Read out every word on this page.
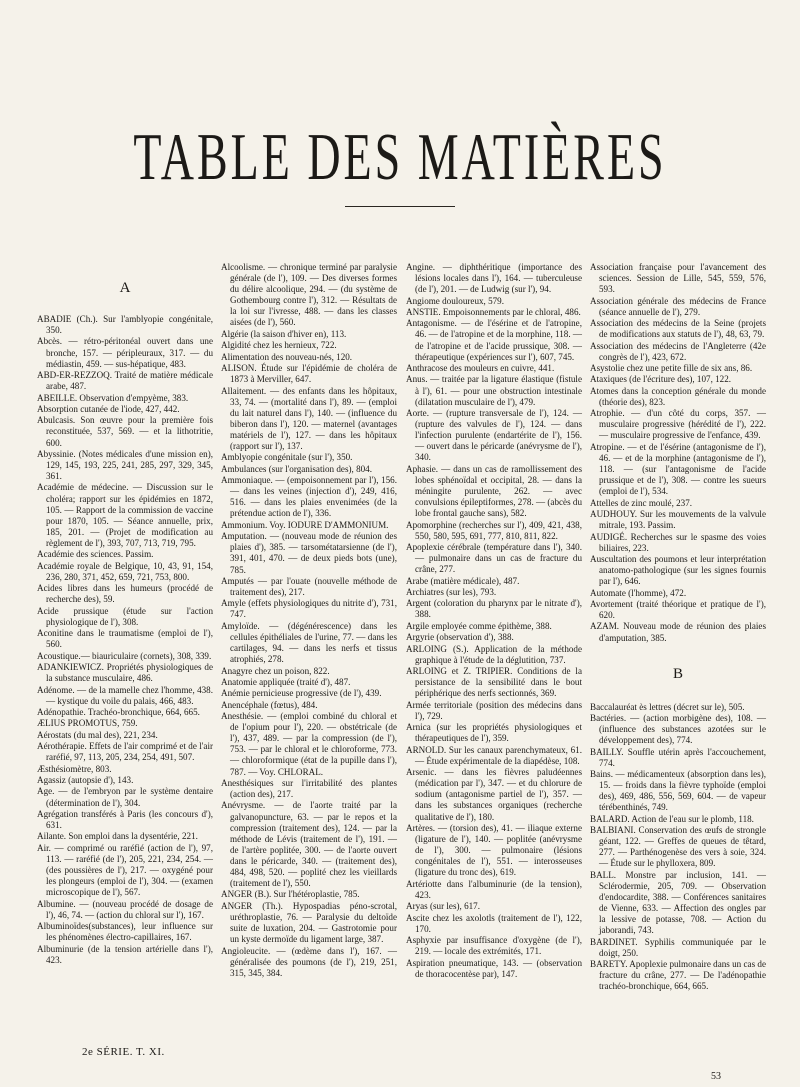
TABLE DES MATIÈRES
A

ABADIE (Ch.). Sur l'amblyopie congénitale, 350.

Abcès. — rétro-péritonéal ouvert dans une bronche, 157. — péripleuraux, 317. — du médiastin, 459. — sus-hépatique, 483.

ABD-ER-REZZOQ. Traité de matière médicale arabe, 487.

ABEILLE. Observation d'empyème, 383.

Absorption cutanée de l'iode, 427, 442.

Abulcasis. Son œuvre pour la première fois reconstituée, 537, 569. — et la lithotritie, 600.

Abyssinie. (Notes médicales d'une mission en), 129, 145, 193, 225, 241, 285, 297, 329, 345, 361.

Académie de médecine. — Discussion sur le choléra; rapport sur les épidémies en 1872, 105. — Rapport de la commission de vaccine pour 1870, 105. — Séance annuelle, prix, 185, 201. — (Projet de modification au règlement de l'), 393, 707, 713, 719, 795.

Académie des sciences. Passim.

Académie royale de Belgique, 10, 43, 91, 154, 236, 280, 371, 452, 659, 721, 753, 800.

Acides libres dans les humeurs (procédé de recherche des), 59.

Acide prussique (étude sur l'action physiologique de l'), 308.

Aconitine dans le traumatisme (emploi de l'), 560.

Acoustique.— biauriculaire (cornets), 308, 339.

ADANKIEWICZ. Propriétés physiologiques de la substance musculaire, 486.

Adénome. — de la mamelle chez l'homme, 438. — kystique du voile du palais, 466, 483.

Adénopathie. Trachéo-bronchique, 664, 665.

ÆLIUS PROMOTUS, 759.

Aérostats (du mal des), 221, 234.

Aérothérapie. Effets de l'air comprimé et de l'air raréfié, 97, 113, 205, 234, 254, 491, 507.

Æsthésiomètre, 803.

Agassiz (autopsie d'), 143.

Age. — de l'embryon par le système dentaire (détermination de l'), 304.

Agrégation transférés à Paris (les concours d'), 631.

Ailante. Son emploi dans la dysentérie, 221.

Air. — comprimé ou raréfié (action de l'), 97, 113. — raréfié (de l'), 205, 221, 234, 254. — (des poussières de l'), 217. — oxygéné pour les plongeurs (emploi de l'), 304. — (examen microscopique de l'), 567.

Albumine. — (nouveau procédé de dosage de l'), 46, 74. — (action du chloral sur l'), 167.

Albuminoïdes(substances), leur influence sur les phénomènes électro-capillaires, 167.

Albuminurie (de la tension artérielle dans l'), 423.

Alcoolisme. — chronique terminé par paralysie générale (de l'), 109. — Des diverses formes du délire alcoolique, 294. — (du système de Gothembourg contre l'), 312. — Résultats de la loi sur l'ivresse, 488. — dans les classes aisées (de l'), 560.

Algérie (la saison d'hiver en), 113.

Algidité chez les hernieux, 722.

Alimentation des nouveau-nés, 120.

ALISON. Étude sur l'épidémie de choléra de 1873 à Merviller, 647.

Allaitement. — des enfants dans les hôpitaux, 33, 74. — (mortalité dans l'), 89. — (emploi du lait naturel dans l'), 140. — (influence du biberon dans l'), 120. — maternel (avantages matériels de l'), 127. — dans les hôpitaux (rapport sur l'), 137.

Amblyopie congénitale (sur l'), 350.

Ambulances (sur l'organisation des), 804.

Ammoniaque. — (empoisonnement par l'), 156. — dans les veines (injection d'), 249, 416, 516. — dans les plaies envenimées (de la prétendue action de l'), 336.

Ammonium. Voy. IODURE D'AMMONIUM.

Amputation. — (nouveau mode de réunion des plaies d'), 385. — tarsométatarsienne (de l'), 391, 401, 470. — de deux pieds bots (une), 785.

Amputés — par l'ouate (nouvelle méthode de traitement des), 217.

Amyle (effets physiologiques du nitrite d'), 731, 747.

Amyloïde. — (dégénérescence) dans les cellules épithéliales de l'urine, 77. — dans les cartilages, 94. — dans les nerfs et tissus atrophiés, 278.

Anagyre chez un poison, 822.

Anatomie appliquée (traité d'), 487.

Anémie pernicieuse progressive (de l'), 439.

Anencéphale (fœtus), 484.

Anesthésie. — (emploi combiné du chloral et de l'opium pour l'), 220. — obstétricale (de l'), 437, 489. — par la compression (de l'), 753. — par le chloral et le chloroforme, 773. — chloroformique (état de la pupille dans l'), 787. — Voy. CHLORAL.

Anesthésiques sur l'irritabilité des plantes (action des), 217.

Anévrysme. — de l'aorte traité par la galvanopuncture, 63. — par le repos et la compression (traitement des), 124. — par la méthode de Lévis (traitement de l'), 191. — de l'artère poplitée, 300. — de l'aorte ouvert dans le péricarde, 340. — (traitement des), 484, 498, 520. — poplité chez les vieillards (traitement de l'), 550.

ANGER (B.). Sur l'hétéroplastie, 785.

ANGER (Th.). Hypospadias péno-scrotal, uréthroplastie, 76. — Paralysie du deltoïde suite de luxation, 204. — Gastrotomie pour un kyste dermoïde du ligament large, 387.

Angioleucite. — (œdème dans l'), 167. — généralisée des poumons (de l'), 219, 251, 315, 345, 384.

Angine. — diphthéritique (importance des lésions locales dans l'), 164. — tuberculeuse (de l'), 201. — de Ludwig (sur l'), 94.

Angiome douloureux, 579.

ANSTIE. Empoisonnements par le chloral, 486.

Antagonisme. — de l'ésérine et de l'atropine, 46. — de l'atropine et de la morphine, 118. — de l'atropine et de l'acide prussique, 308. — thérapeutique (expériences sur l'), 607, 745.

Anthracose des mouleurs en cuivre, 441.

Anus. — traitée par la ligature élastique (fistule à l'), 61. — pour une obstruction intestinale (dilatation musculaire de l'), 479.

Aorte. — (rupture transversale de l'), 124. — (rupture des valvules de l'), 124. — dans l'infection purulente (endartérite de l'), 156. — ouvert dans le péricarde (anévrysme de l'), 340.

Aphasie. — dans un cas de ramollissement des lobes sphénoïdal et occipital, 28. — dans la méningite purulente, 262. — avec convulsions épileptiformes, 278. — (abcès du lobe frontal gauche sans), 582.

Apomorphine (recherches sur l'), 409, 421, 438, 550, 580, 595, 691, 777, 810, 811, 822.

Apoplexie cérébrale (température dans l'), 340. — pulmonaire dans un cas de fracture du crâne, 277.

Arabe (matière médicale), 487.

Archiatres (sur les), 793.

Argent (coloration du pharynx par le nitrate d'), 388.

Argile employée comme épithème, 388.

Argyrie (observation d'), 388.

ARLOING (S.). Application de la méthode graphique à l'étude de la déglutition, 737.

ARLOING et Z. TRIPIER. Conditions de la persistance de la sensibilité dans le bout périphérique des nerfs sectionnés, 369.

Armée territoriale (position des médecins dans l'), 729.

Arnica (sur les propriétés physiologiques et thérapeutiques de l'), 359.

ARNOLD. Sur les canaux parenchymateux, 61. — Étude expérimentale de la diapédèse, 108.

Arsenic. — dans les fièvres paludéennes (médication par l'), 347. — et du chlorure de sodium (antagonisme partiel de l'), 357. — dans les substances organiques (recherche qualitative de l'), 180.

Artères. — (torsion des), 41. — iliaque externe (ligature de l'), 140. — poplitée (anévrysme de l'), 300. — pulmonaire (lésions congénitales de l'), 551. — interosseuses (ligature du tronc des), 619.

Artériotte dans l'albuminurie (de la tension), 423.

Aryas (sur les), 617.

Ascite chez les axolotls (traitement de l'), 122, 170.

Asphyxie par insuffisance d'oxygène (de l'), 219. — locale des extrémités, 171.

Aspiration pneumatique, 143. — (observation de thoracocentèse par), 147.

Association française pour l'avancement des sciences. Session de Lille, 545, 559, 576, 593.

Association générale des médecins de France (séance annuelle de l'), 279.

Association des médecins de la Seine (projets de modifications aux statuts de l'), 48, 63, 79.

Association des médecins de l'Angleterre (42e congrès de l'), 423, 672.

Asystolie chez une petite fille de six ans, 86.

Ataxiques (de l'écriture des), 107, 122.

Atomes dans la conception générale du monde (théorie des), 823.

Atrophie. — d'un côté du corps, 357. — musculaire progressive (hérédité de l'), 222. — musculaire progressive de l'enfance, 439.

Atropine. — et de l'ésérine (antagonisme de l'), 46. — et de la morphine (antagonisme de l'), 118. — (sur l'antagonisme de l'acide prussique et de l'), 308. — contre les sueurs (emploi de l'), 534.

Attelles de zinc moulé, 237.

AUDHOUY. Sur les mouvements de la valvule mitrale, 193. Passim.

AUDIGÉ. Recherches sur le spasme des voies biliaires, 223.

Auscultation des poumons et leur interprétation anatomo-pathologique (sur les signes fournis par l'), 646.

Automate (l'homme), 472.

Avortement (traité théorique et pratique de l'), 620.

AZAM. Nouveau mode de réunion des plaies d'amputation, 385.

B

Baccalauréat ès lettres (décret sur le), 505.

Bactéries. — (action morbigène des), 108. — (influence des substances azotées sur le développement des), 774.

BAILLY. Souffle utérin après l'accouchement, 774.

Bains. — médicamenteux (absorption dans les), 15. — froids dans la fièvre typhoïde (emploi des), 469, 486, 556, 569, 604. — de vapeur térébenthinés, 749.

BALARD. Action de l'eau sur le plomb, 118.

BALBIANI. Conservation des œufs de strongle géant, 122. — Greffes de queues de têtard, 277. — Parthénogenèse des vers à soie, 324. — Étude sur le phylloxera, 809.

BALL. Monstre par inclusion, 141. — Sclérodermie, 205, 709. — Observation d'endocardite, 388. — Conférences sanitaires de Vienne, 633. — Affection des ongles par la lessive de potasse, 708. — Action du jaborandi, 743.

BARDINET. Syphilis communiquée par le doigt, 250.

BARETY. Apoplexie pulmonaire dans un cas de fracture du crâne, 277. — De l'adénopathie trachéo-bronchique, 664, 665.

2e SÉRIE. T. XI.
53
